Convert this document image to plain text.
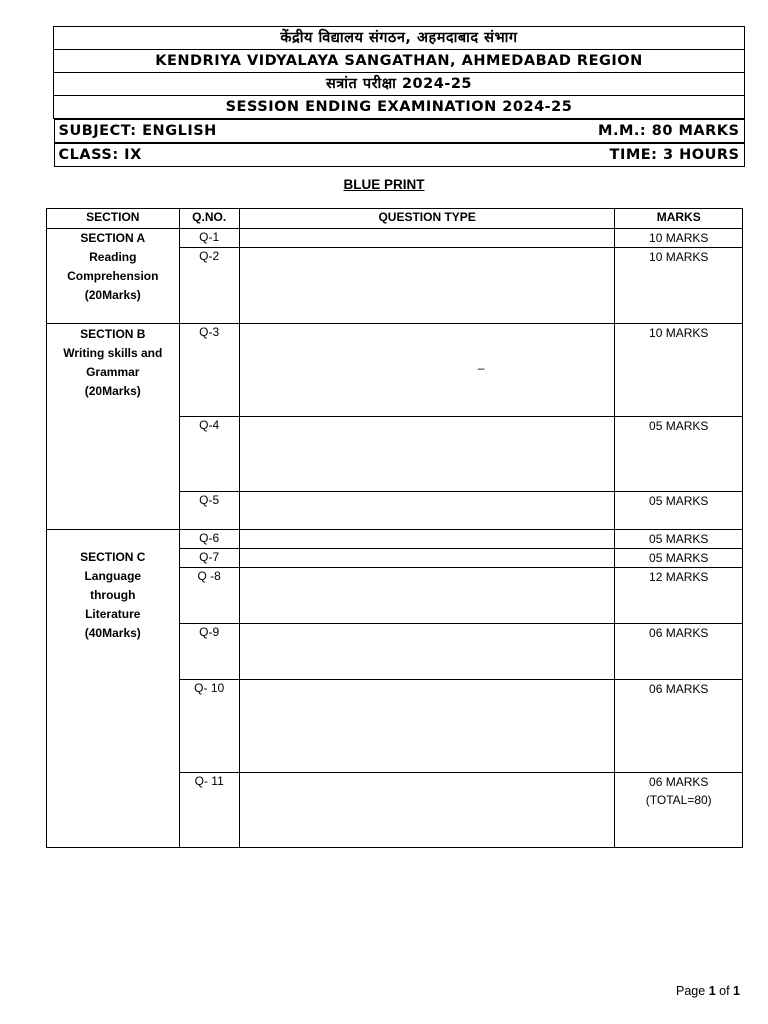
केंद्रीय विद्यालय संगठन, अहमदाबाद संभाग
KENDRIYA VIDYALAYA SANGATHAN, AHMEDABAD REGION
सत्रांत परीक्षा 2024-25
SESSION ENDING EXAMINATION 2024-25

SUBJECT: ENGLISH	M.M.: 80 MARKS

CLASS: IX	TIME: 3 HOURS
BLUE PRINT
SECTION	Q.NO.	QUESTION TYPE	MARKS

SECTION A
Reading
Comprehension
(20Marks)	Q-1		10 MARKS
	Q-2		10 MARKS

SECTION B
Writing skills and
Grammar
(20Marks)	Q-3	–	10 MARKS
	Q-4		05 MARKS
	Q-5		05 MARKS

SECTION C
Language
through
Literature
(40Marks)	Q-6		05 MARKS
	Q-7		05 MARKS
	Q -8		12 MARKS
	Q-9		06 MARKS
	Q- 10		06 MARKS
	Q- 11		06 MARKS
(TOTAL=80)
Page 1 of 1
